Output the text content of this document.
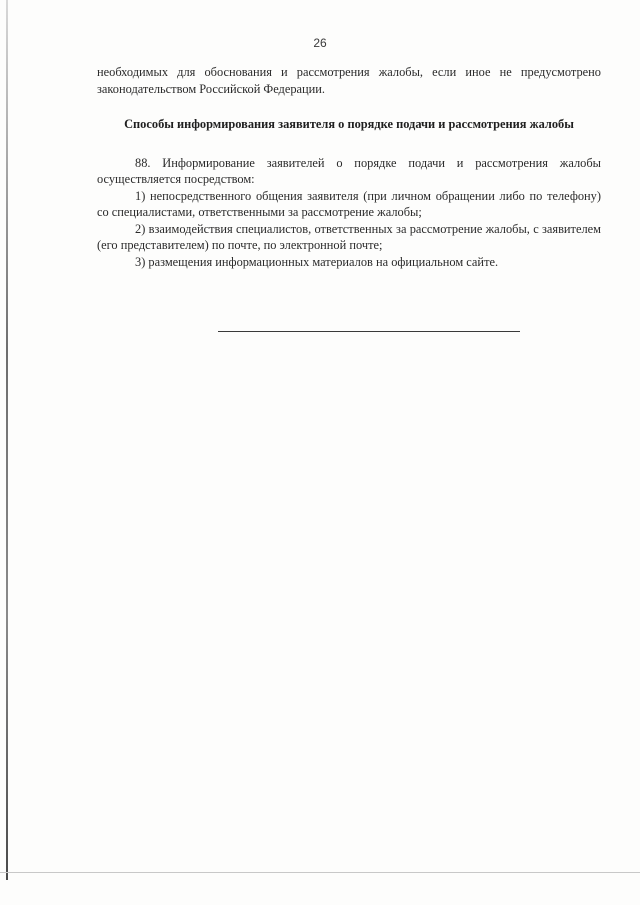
26

необходимых для обоснования и рассмотрения жалобы, если иное не предусмотрено законодательством Российской Федерации.

Способы информирования заявителя о порядке подачи и рассмотрения жалобы

88. Информирование заявителей о порядке подачи и рассмотрения жалобы осуществляется посредством:

1) непосредственного общения заявителя (при личном обращении либо по телефону) со специалистами, ответственными за рассмотрение жалобы;

2) взаимодействия специалистов, ответственных за рассмотрение жалобы, с заявителем (его представителем) по почте, по электронной почте;

3) размещения информационных материалов на официальном сайте.
